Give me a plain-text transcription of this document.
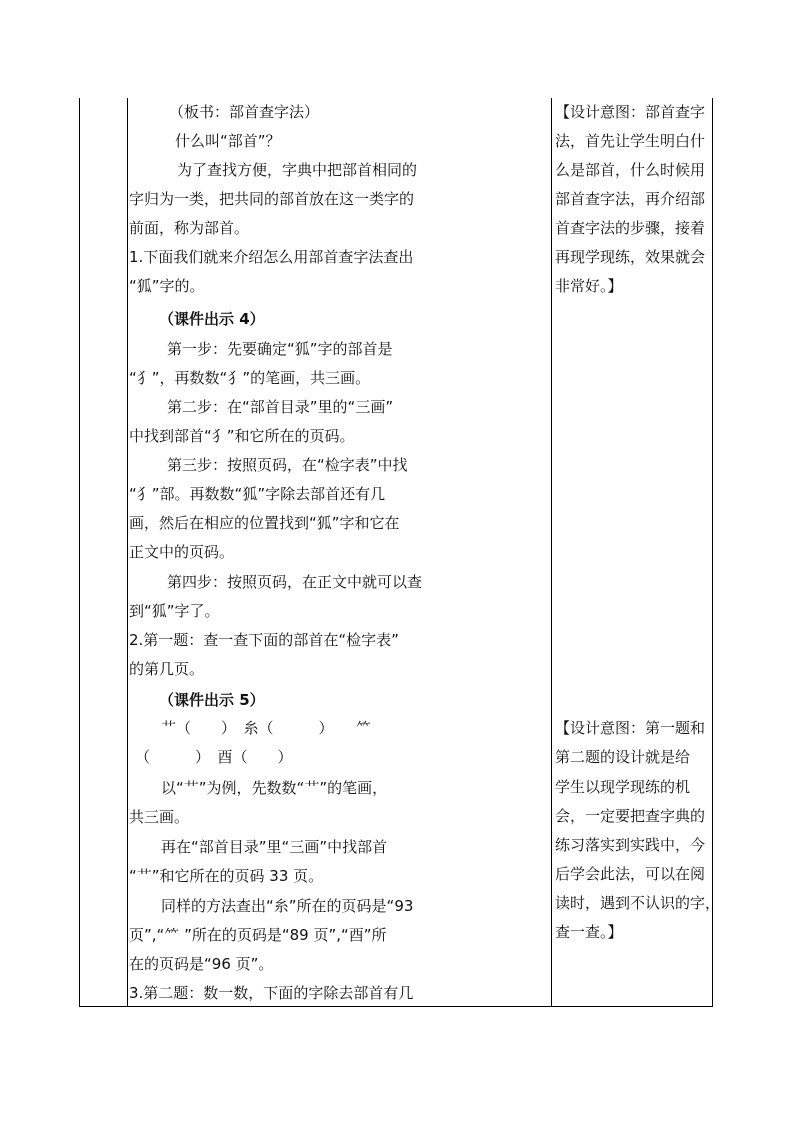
（板书：部首查字法）
什么叫“部首”？
为了查找方便，字典中把部首相同的
字归为一类，把共同的部首放在这一类字的
前面，称为部首。
1.下面我们就来介绍怎么用部首查字法查出
“狐”字的。
（课件出示 4）
第一步：先要确定“狐”字的部首是
“犭”，再数数“犭”的笔画，共三画。
第二步：在“部首目录”里的“三画”
中找到部首“犭”和它所在的页码。
第三步：按照页码，在“检字表”中找
“犭”部。再数数“狐”字除去部首还有几
画，然后在相应的位置找到“狐”字和它在
正文中的页码。
第四步：按照页码，在正文中就可以查
到“狐”字了。
2.第一题：查一查下面的部首在“检字表”
的第几页。
（课件出示 5）
艹（　　）　糸（　　　）　　⺮
（　　　）　酉（　　）
以“艹”为例，先数数“艹”的笔画，
共三画。
再在“部首目录”里“三画”中找部首
“艹”和它所在的页码 33 页。
同样的方法查出“糸”所在的页码是“93
页”,“⺮ ”所在的页码是“89 页”,“酉”所
在的页码是“96 页”。
3.第二题：数一数，下面的字除去部首有几
【设计意图：部首查字
法，首先让学生明白什
么是部首，什么时候用
部首查字法，再介绍部
首查字法的步骤，接着
再现学现练，效果就会
非常好。】
【设计意图：第一题和
第二题的设计就是给
学生以现学现练的机
会，一定要把查字典的
练习落实到实践中，今
后学会此法，可以在阅
读时，遇到不认识的字，
查一查。】
